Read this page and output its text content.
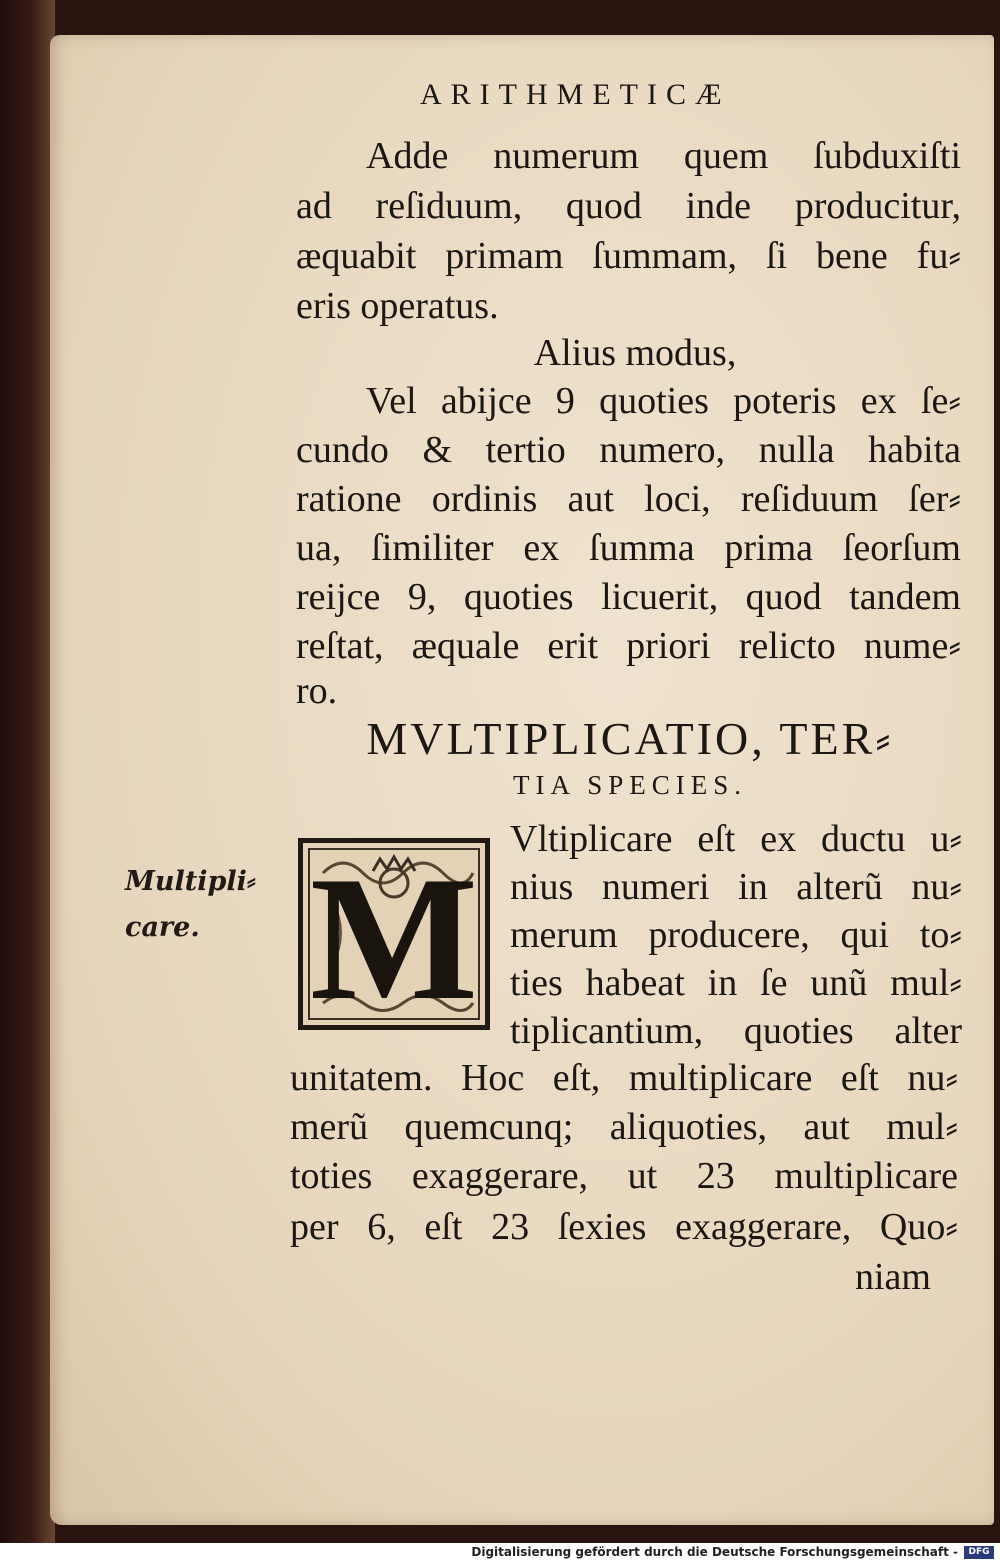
ARITHMETICÆ
Adde numerum quem ſubduxiſti
ad reſiduum, quod inde producitur,
æquabit primam ſummam, ſi bene fu⸗
eris operatus.
Alius modus,
Vel abijce 9 quoties poteris ex ſe⸗
cundo & tertio numero, nulla habita
ratione ordinis aut loci, reſiduum ſer⸗
ua, ſimiliter ex ſumma prima ſeorſum
reijce 9, quoties licuerit, quod tandem
reſtat, æquale erit priori relicto nume⸗
ro.
MVLTIPLICATIO, TER⸗
TIA SPECIES.
Multipli⸗
care. M Vltiplicare eſt ex ductu u⸗
nius numeri in alterũ nu⸗
merum producere, qui to⸗
ties habeat in ſe unũ mul⸗
tiplicantium, quoties alter
unitatem. Hoc eſt, multiplicare eſt nu⸗
merũ quemcunq; aliquoties, aut mul⸗
toties exaggerare, ut 23 multiplicare
per 6, eſt 23 ſexies exaggerare, Quo⸗
niam
Digitalisierung gefördert durch die Deutsche Forschungsgemeinschaft -	DFG
